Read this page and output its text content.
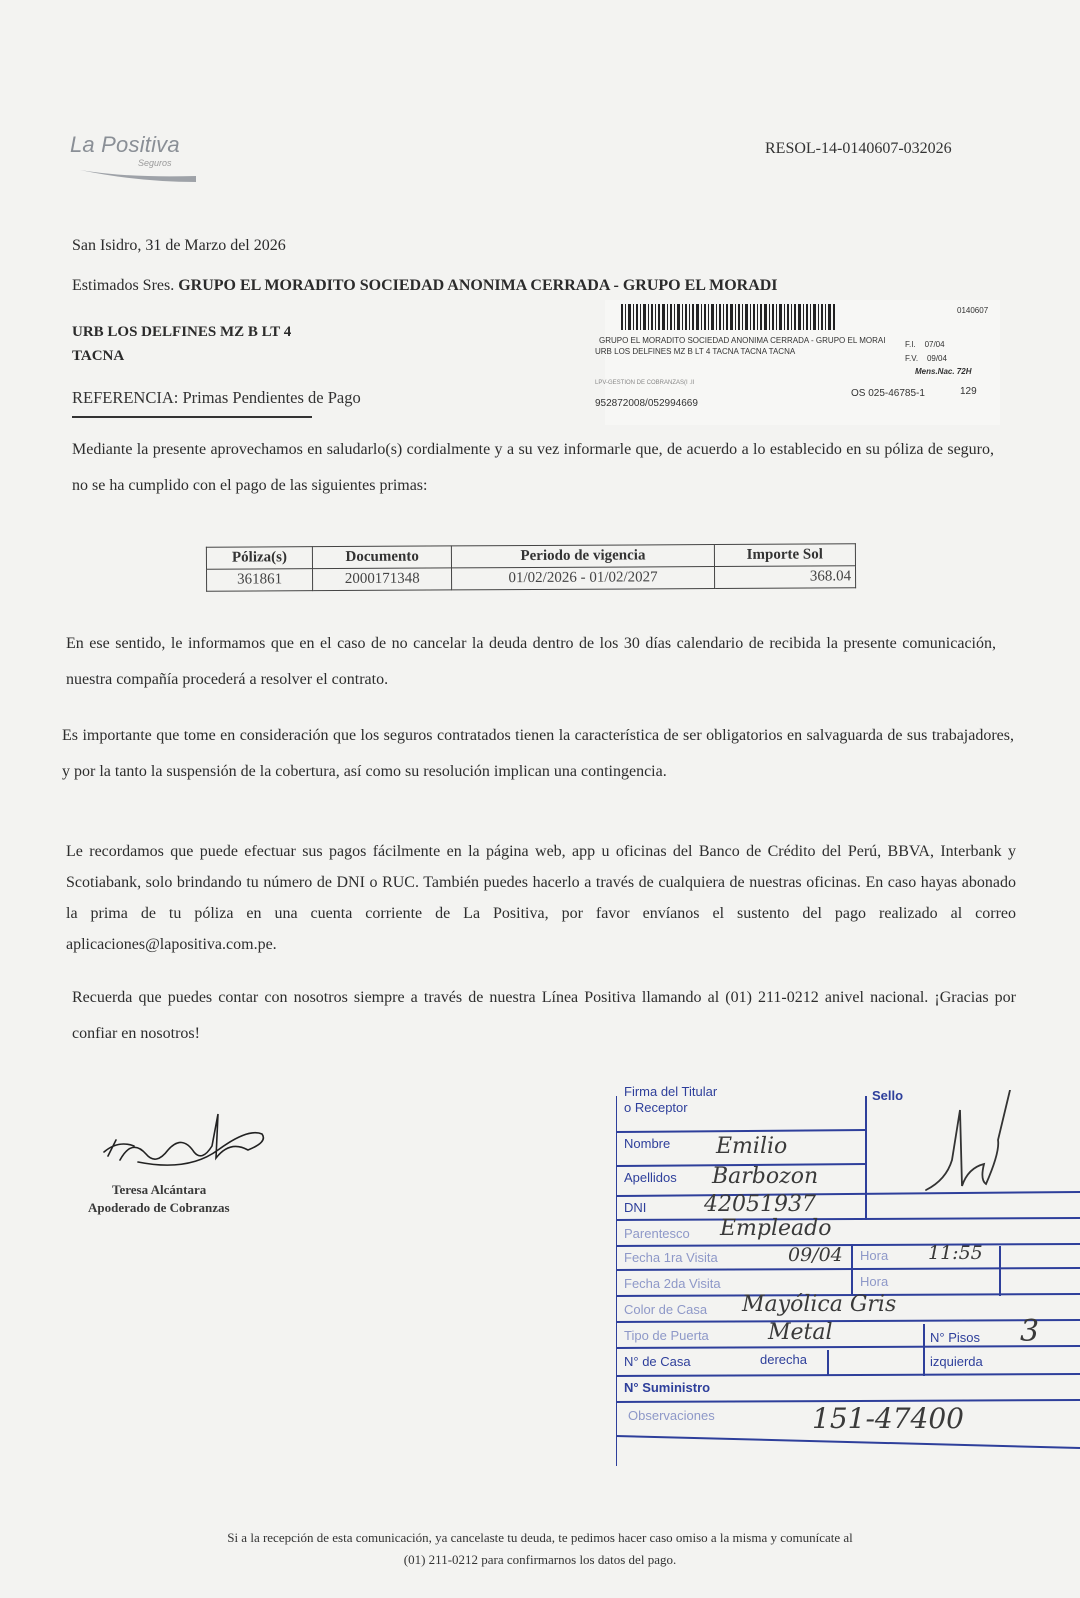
La Positiva
Seguros
RESOL-14-0140607-032026
San Isidro, 31 de Marzo del 2026
Estimados Sres. GRUPO EL MORADITO SOCIEDAD ANONIMA CERRADA - GRUPO EL MORADI
URB LOS DELFINES MZ B LT 4
TACNA
REFERENCIA: Primas Pendientes de Pago
0140607
GRUPO EL MORADITO SOCIEDAD ANONIMA CERRADA - GRUPO EL MORAI
URB LOS DELFINES MZ B LT 4 TACNA TACNA TACNA
F.I. 07/04
F.V. 09/04
Mens.Nac. 72H
LPV-GESTION DE COBRANZAS(I .II
952872008/052994669
OS 025-46785-1	129
Mediante la presente aprovechamos en saludarlo(s) cordialmente y a su vez informarle que, de acuerdo a lo establecido en su póliza de seguro, no se ha cumplido con el pago de las siguientes primas:
Póliza(s)	Documento	Periodo de vigencia	Importe Sol
361861	2000171348	01/02/2026 - 01/02/2027	368.04
En ese sentido, le informamos que en el caso de no cancelar la deuda dentro de los 30 días calendario de recibida la presente comunicación, nuestra compañía procederá a resolver el contrato.
Es importante que tome en consideración que los seguros contratados tienen la característica de ser obligatorios en salvaguarda de sus trabajadores, y por la tanto la suspensión de la cobertura, así como su resolución implican una contingencia.
Le recordamos que puede efectuar sus pagos fácilmente en la página web, app u oficinas del Banco de Crédito del Perú, BBVA, Interbank y Scotiabank, solo brindando tu número de DNI o RUC. También puedes hacerlo a través de cualquiera de nuestras oficinas. En caso hayas abonado la prima de tu póliza en una cuenta corriente de La Positiva, por favor envíanos el sustento del pago realizado al correo aplicaciones@lapositiva.com.pe.
Recuerda que puedes contar con nosotros siempre a través de nuestra Línea Positiva llamando al (01) 211-0212 anivel nacional. ¡Gracias por confiar en nosotros!
Teresa Alcántara
Apoderado de Cobranzas
Firma del Titular
o Receptor
Sello
Nombre Emilio
Apellidos Barbozon
DNI	42051937
Parentesco Empleado
Fecha 1ra Visita	09/04 Hora 11:55
Fecha 2da Visita	Hora
Color de Casa Mayólica Gris
Tipo de Puerta	Metal	N° Pisos 3
N° de Casa	derecha	izquierda
N° Suministro
Observaciones	151-47400
Si a la recepción de esta comunicación, ya cancelaste tu deuda, te pedimos hacer caso omiso a la misma y comunícate al
(01) 211-0212 para confirmarnos los datos del pago.
